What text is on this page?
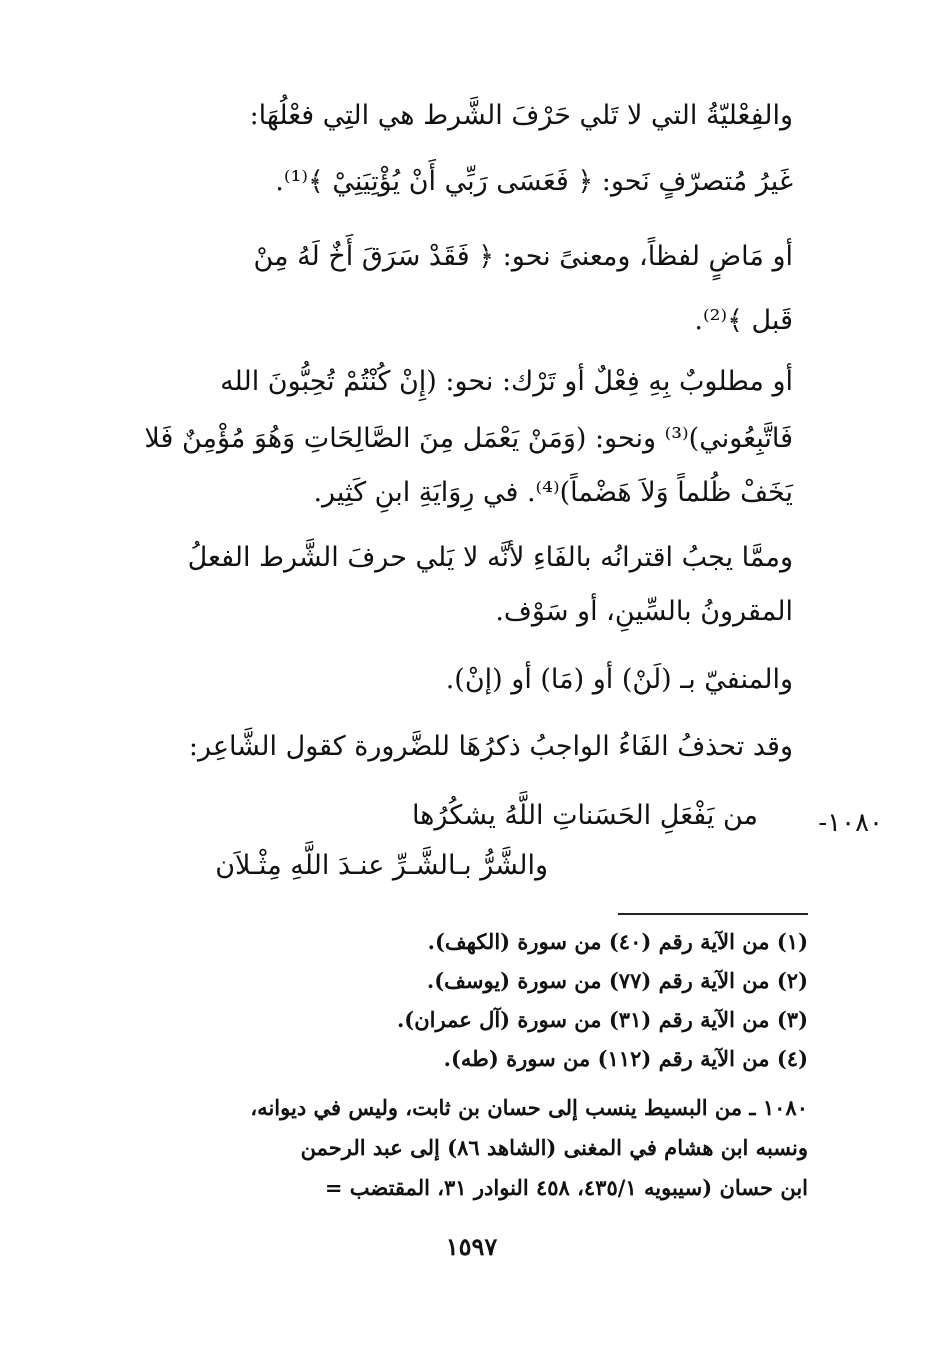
والفِعْليّةُ التي لا تَلي حَرْفَ الشَّرط هي التِي فعْلُهَا:
غَيرُ مُتصرّفٍ نَحو: ﴿ فَعَسَى رَبِّي أَنْ يُؤْتِيَنِيْ ﴾⁽¹⁾.
أو مَاضٍ لفظاً، ومعنىً نحو: ﴿ فَقَدْ سَرَقَ أَخٌ لَهُ مِنْ
قَبل ﴾⁽²⁾.
أو مطلوبٌ بِهِ فِعْلٌ أو تَرْك: نحو: (إِنْ كُنْتُمْ تُحِبُّونَ الله
فَاتَّبِعُوني)⁽³⁾ ونحو: (وَمَنْ يَعْمَل مِنَ الصَّالِحَاتِ وَهُوَ مُؤْمِنٌ فَلا
يَخَفْ ظُلماً وَلاَ هَضْماً)⁽⁴⁾. في رِوَايَةِ ابنِ كَثِير.
وممَّا يجبُ اقترانُه بالفَاءِ لأنَّه لا يَلي حرفَ الشَّرط الفعلُ
المقرونُ بالسِّينِ، أو سَوْف.
والمنفيّ بـ (لَنْ) أو (مَا) أو (إنْ).
وقد تحذفُ الفَاءُ الواجبُ ذكرُهَا للضَّرورة كقول الشَّاعِر:
١٠٨٠-
من يَفْعَلِ الحَسَناتِ اللَّهُ يشكُرُها
والشَّرُّ بـالشَّـرِّ عنـدَ اللَّهِ مِثْـلاَن
(١) من الآية رقم (٤٠) من سورة (الكهف).
(٢) من الآية رقم (٧٧) من سورة (يوسف).
(٣) من الآية رقم (٣١) من سورة (آل عمران).
(٤) من الآية رقم (١١٢) من سورة (طه).
١٠٨٠ ـ من البسيط ينسب إلى حسان بن ثابت، وليس في ديوانه،
ونسبه ابن هشام في المغنى (الشاهد ٨٦) إلى عبد الرحمن
ابن حسان (سيبويه ٤٣٥/١، ٤٥٨ النوادر ٣١، المقتضب =
١٥٩٧
